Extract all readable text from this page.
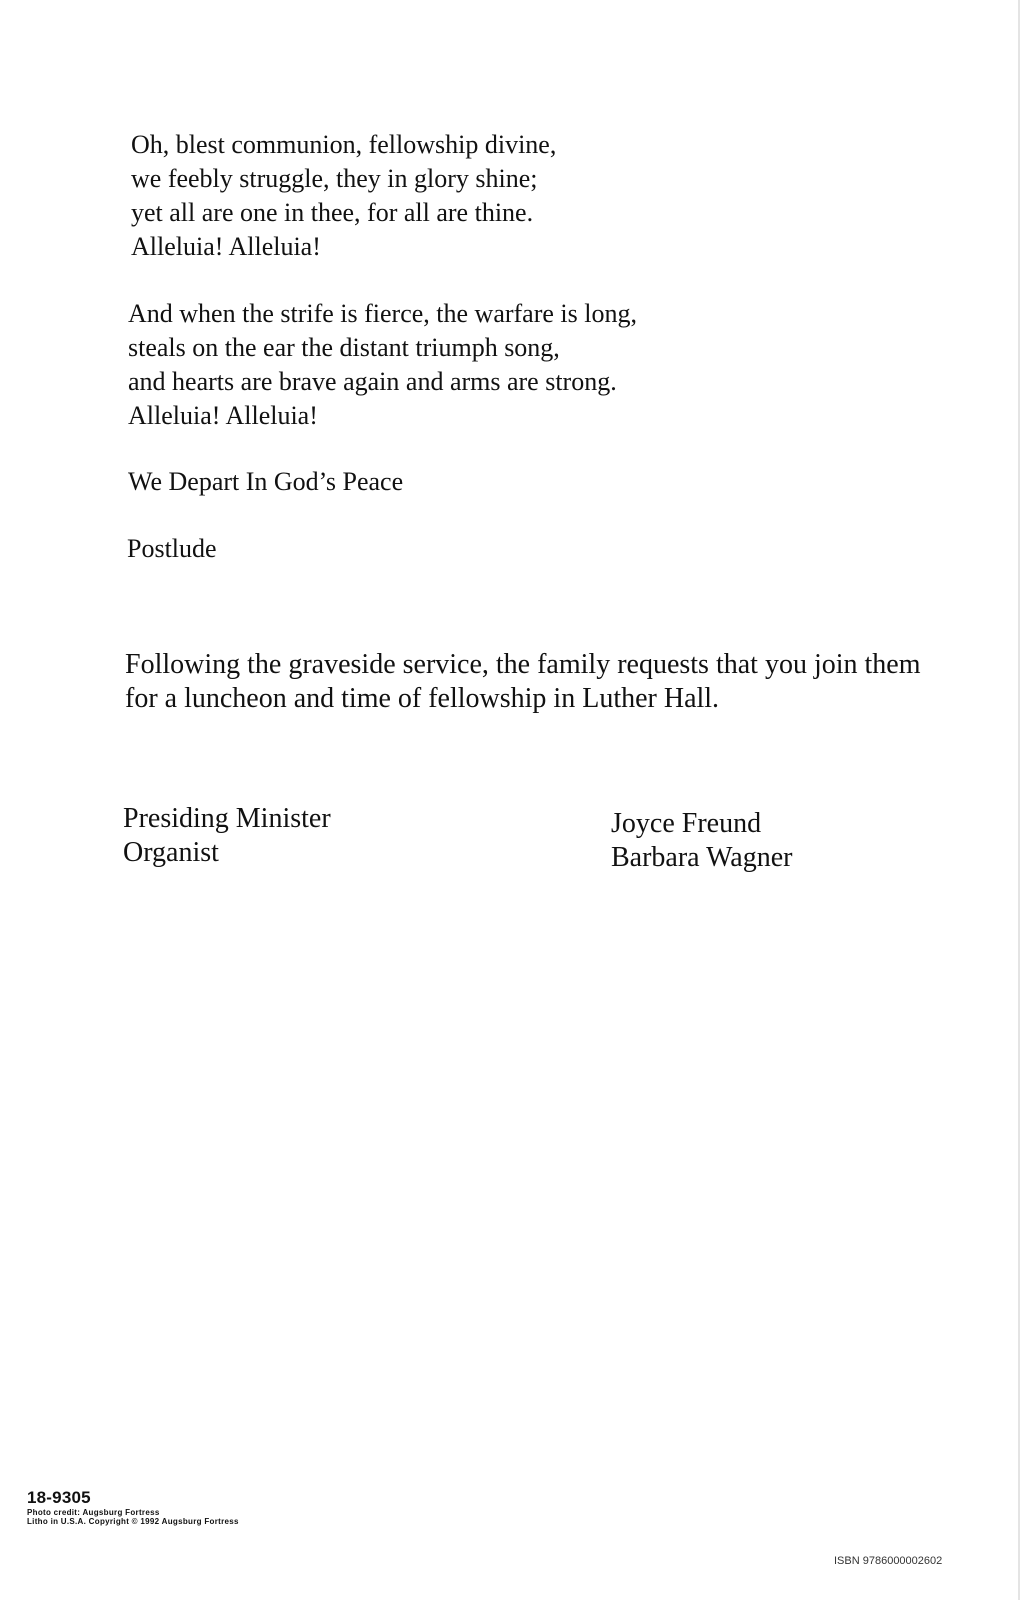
Oh, blest communion, fellowship divine,
we feebly struggle, they in glory shine;
yet all are one in thee, for all are thine.
Alleluia! Alleluia!
And when the strife is fierce, the warfare is long,
steals on the ear the distant triumph song,
and hearts are brave again and arms are strong.
Alleluia! Alleluia!
We Depart In God’s Peace
Postlude
Following the graveside service, the family requests that you join them
for a luncheon and time of fellowship in Luther Hall.
Presiding Minister
Organist
Joyce Freund
Barbara Wagner
18-9305
Photo credit: Augsburg Fortress
Litho in U.S.A. Copyright © 1992 Augsburg Fortress
ISBN 9786000002602
